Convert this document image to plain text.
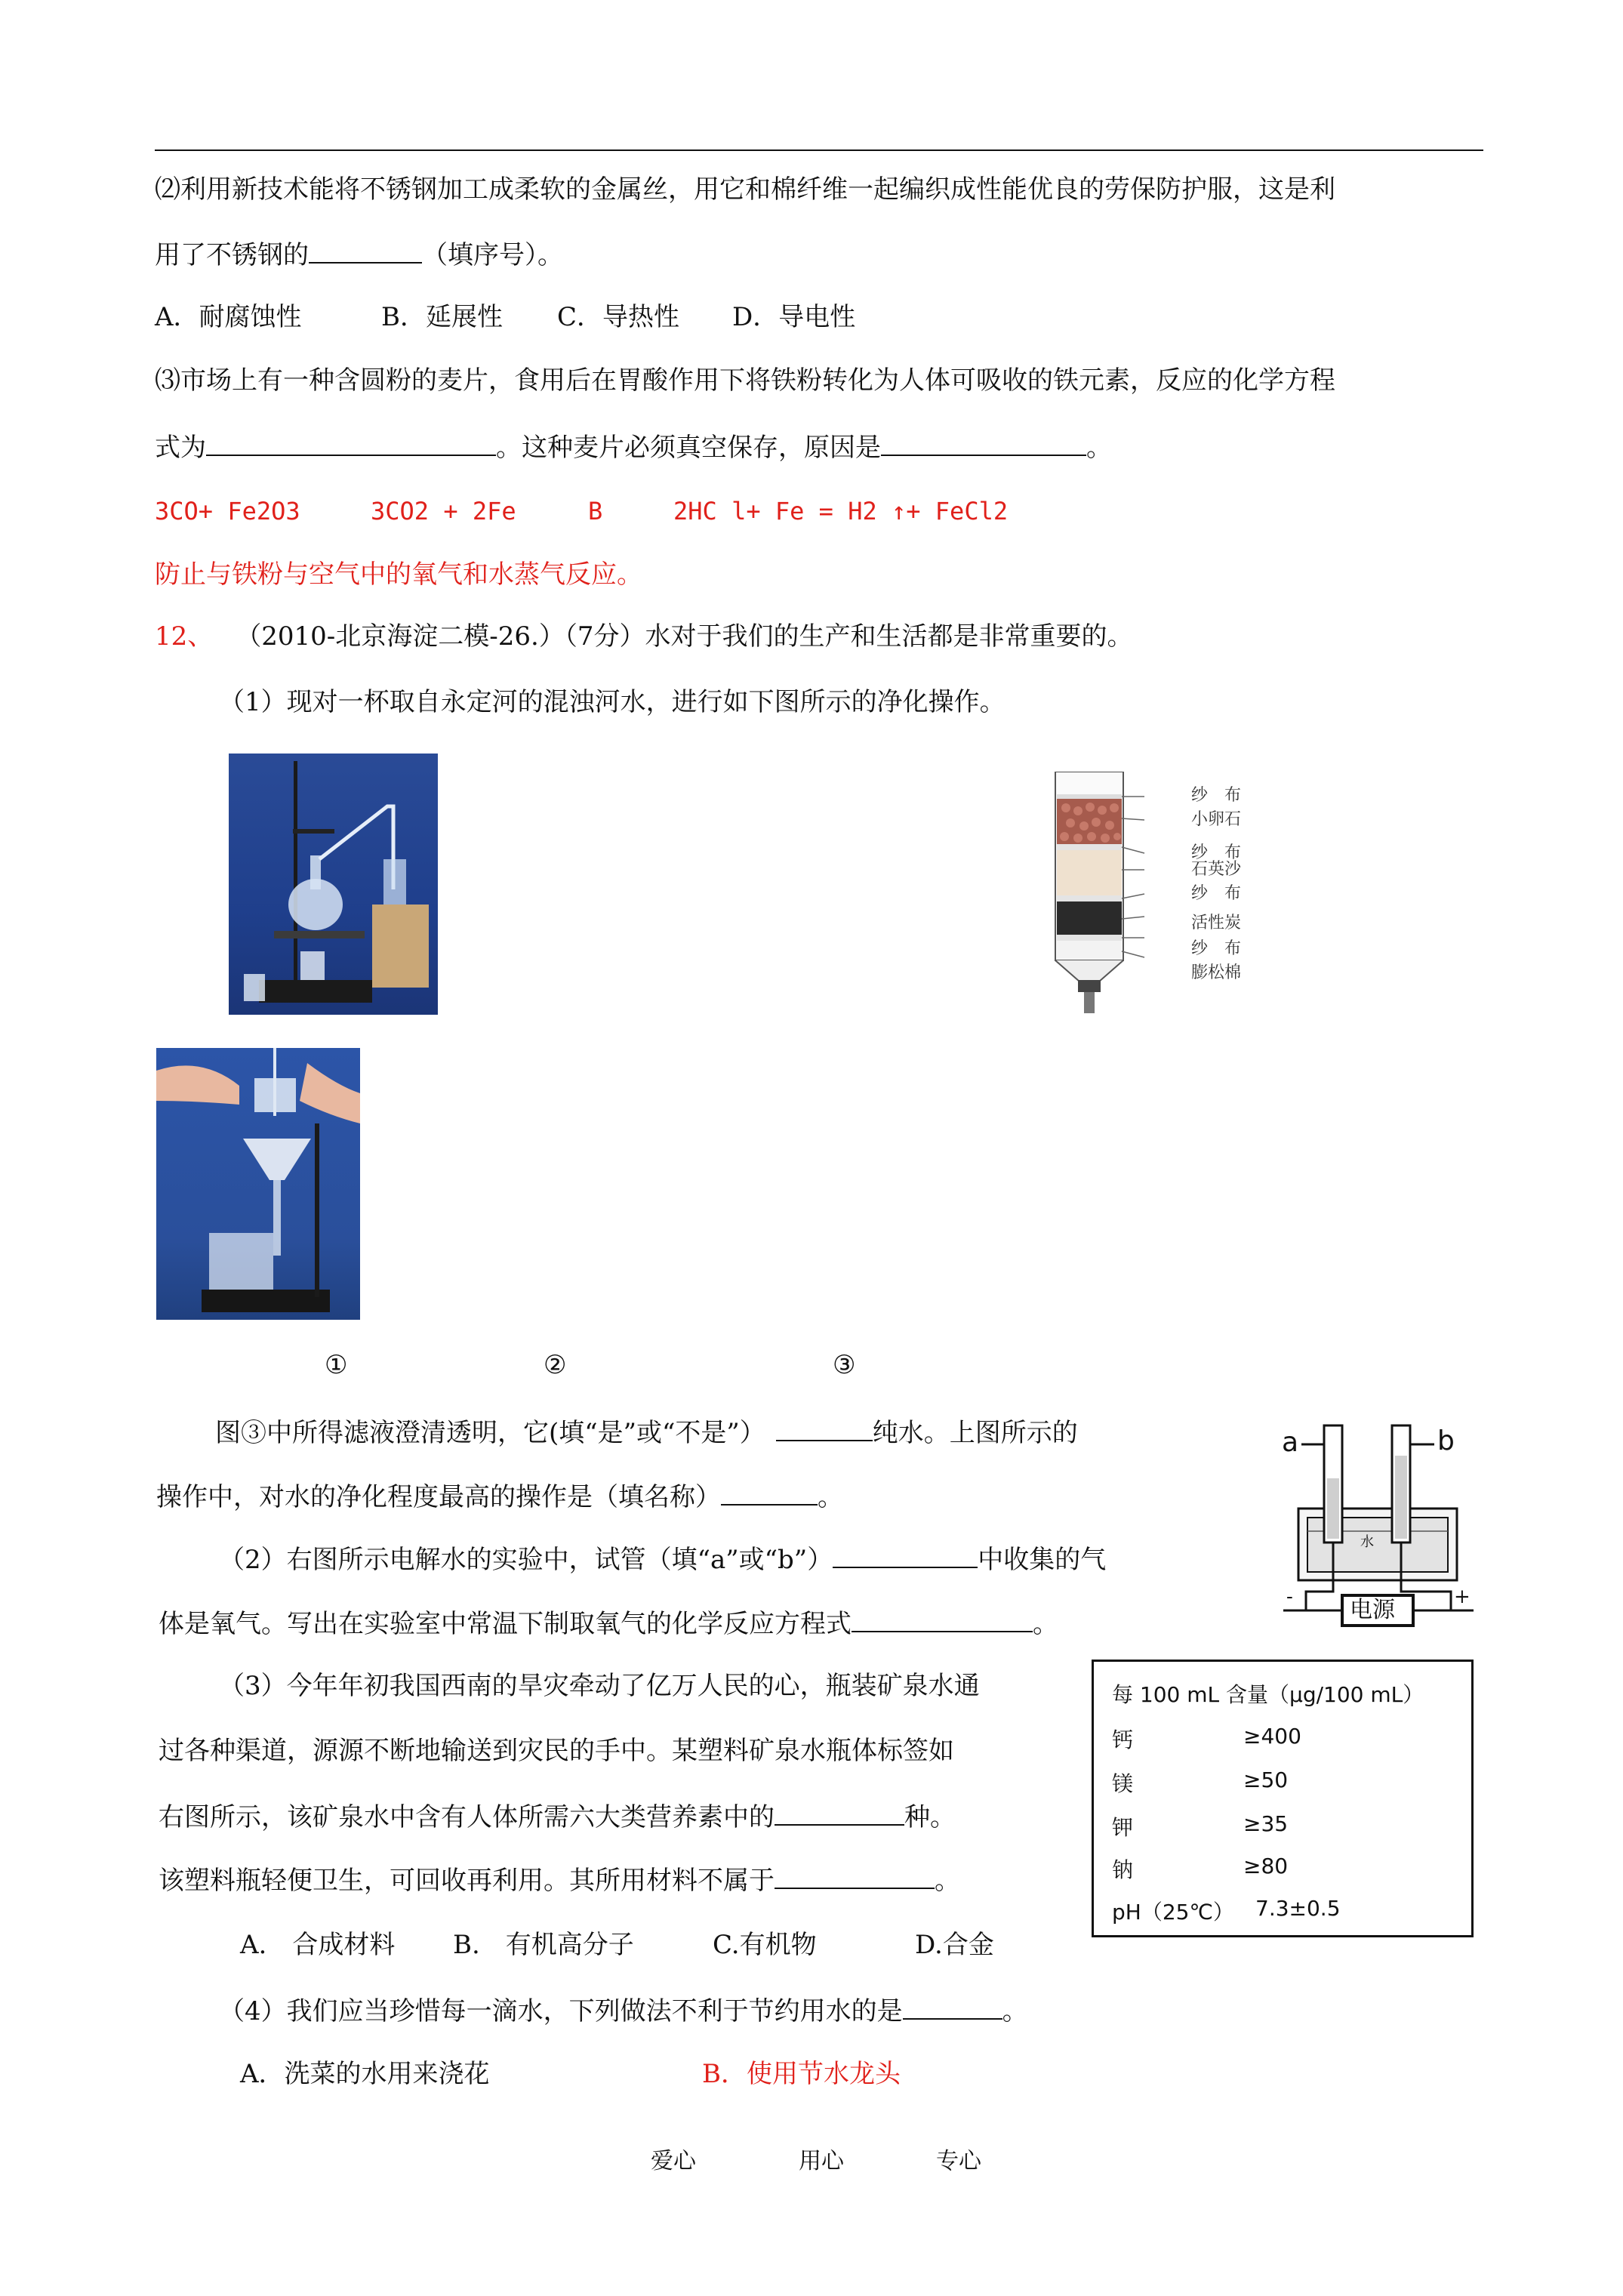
⑵利用新技术能将不锈钢加工成柔软的金属丝，用它和棉纤维一起编织成性能优良的劳保防护服，这是利
用了不锈钢的	（填序号）。
A．耐腐蚀性	B．延展性 C．导热性 D．导电性
⑶市场上有一种含圆粉的麦片，食用后在胃酸作用下将铁粉转化为人体可吸收的铁元素，反应的化学方程
式为	。这种麦片必须真空保存，原因是	。
3CO+ Fe2O3	3CO2 + 2Fe	B	2HC l+ Fe = H2 ↑+ FeCl2
防止与铁粉与空气中的氧气和水蒸气反应。
12、 （2010-北京海淀二模-26.）（7分）水对于我们的生产和生活都是非常重要的。
（1）现对一杯取自永定河的混浊河水，进行如下图所示的净化操作。
纱　布
小卵石
纱　布
石英沙
纱　布
活性炭
纱　布
膨松棉
①	②	③
图③中所得滤液澄清透明，它(填“是”或“不是”）	纯水。上图所示的
操作中，对水的净化程度最高的操作是（填名称）	。
a	b
水
电源
-	+
（2）右图所示电解水的实验中，试管（填“a”或“b”）	中收集的气
体是氧气。写出在实验室中常温下制取氧气的化学反应方程式	。
每 100 mL 含量（μg/100 mL）
钙	≥400
镁	≥50
钾	≥35
钠	≥80
pH（25℃） 7.3±0.5
（3）今年年初我国西南的旱灾牵动了亿万人民的心，瓶装矿泉水通
过各种渠道，源源不断地输送到灾民的手中。某塑料矿泉水瓶体标签如
右图所示，该矿泉水中含有人体所需六大类营养素中的	种。
该塑料瓶轻便卫生，可回收再利用。其所用材料不属于	。
A.　合成材料 B.　有机高分子	C.有机物	D.合金
（4）我们应当珍惜每一滴水，下列做法不利于节约用水的是	。
A．洗菜的水用来浇花	B．使用节水龙头
爱心	用心	专心
